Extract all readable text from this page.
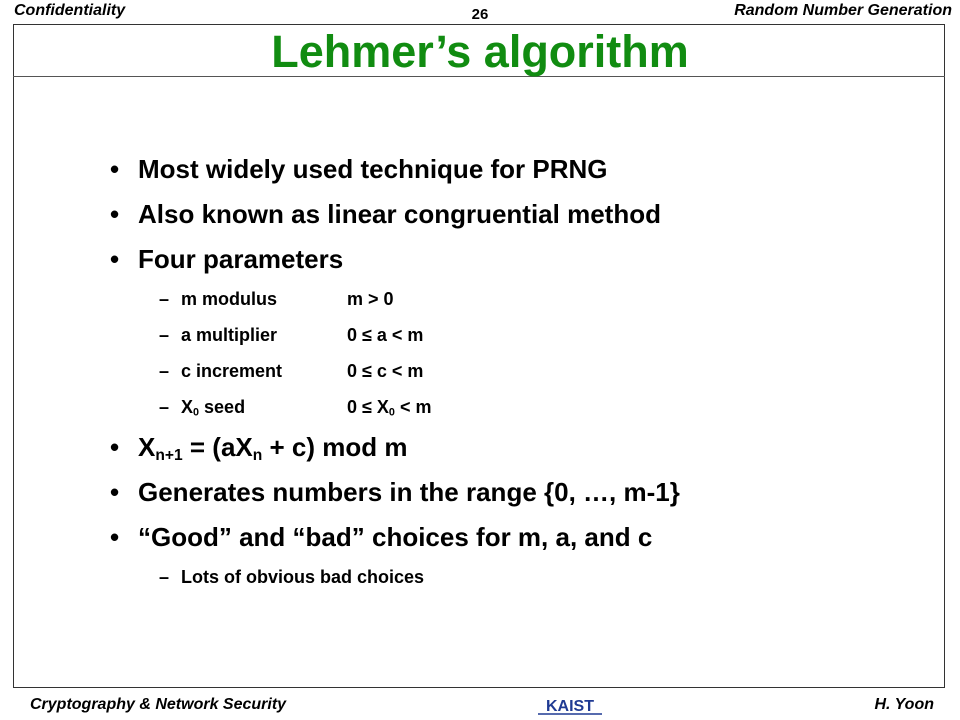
Confidentiality	26	Random Number Generation
Lehmer’s algorithm
• Most widely used technique for PRNG
• Also known as linear congruential method
• Four parameters
– m modulus	m > 0
– a multiplier	0 ≤ a < m
– c increment	0 ≤ c < m
– $X_0$ seed	$0 \le X_0 < m$
• $X_{n+1} = (aX_n + c)$ mod m
• Generates numbers in the range {0, …, m-1}
• “Good” and “bad” choices for m, a, and c
– Lots of obvious bad choices
Cryptography & Network Security	KAIST	H. Yoon
